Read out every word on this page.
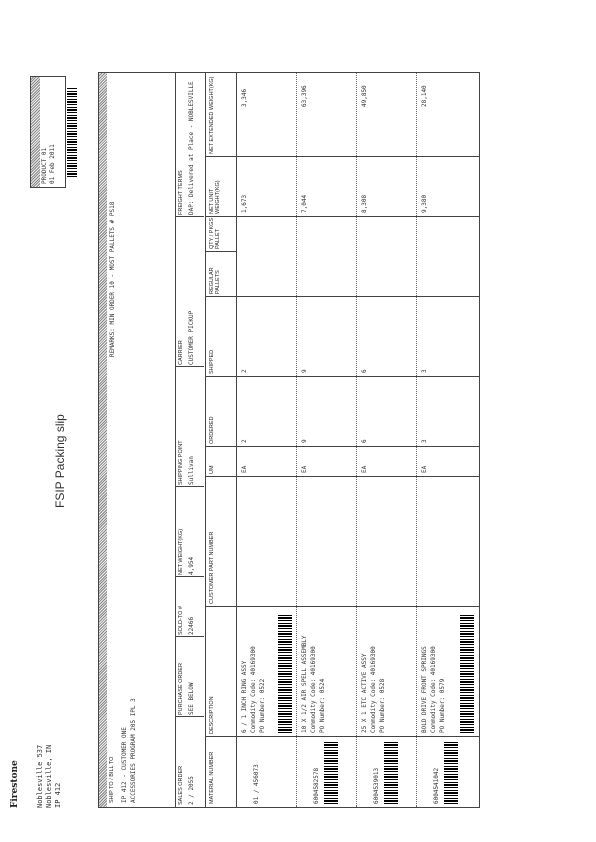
Firestone Noblesville 537 Noblesville, IN IP 412
FSIP Packing slip
PRODUCT 01 01 Feb 2011
SHIP TO / BILL TO IP 412 - CUSTOMER ONE ACCESSORIES PROGRAM 205 IPL 3
REMARKS: MIN ORDER 10 - MOST PALLETS # PS18
SALES ORDER 2 / 2055
PURCHASE ORDER SEE BELOW
SOLD-TO # 22466
NET WEIGHT(KG) 4,954
SHIPPING POINT Sullivan
CARRIER CUSTOMER PICKUP
FREIGHT TERMS DAP: Delivered at Place - NOBLESVILLE
MATERIAL NUMBER
DESCRIPTION
CUSTOMER PART NUMBER
UM
ORDERED
SHIPPED
REGULAR PALLETS
QTY / PKGS PALLET
NET UNIT WEIGHT(KG)
NET EXTENDED WEIGHT(KG)
01 / 456073
6 / 1 INCH RING ASSY Commodity Code: 40169300 PO Number: 0522
EA
2
2
1,673
3,346
6004582578
10 X 1/2 AIR SPELL ASSEMBLY Commodity Code: 40169300 PO Number: 0524
EA
9
9
7,044
63,396
6004539013
25 X 1 ETC ACTIVE ASSY Commodity Code: 40169300 PO Number: 0528
EA
6
6
8,308
49,850
6004541042
BOLD DRIVE FRONT SPRINGS Commodity Code: 40169300 PO Number: 0579
EA
3
3
9,380
28,140
